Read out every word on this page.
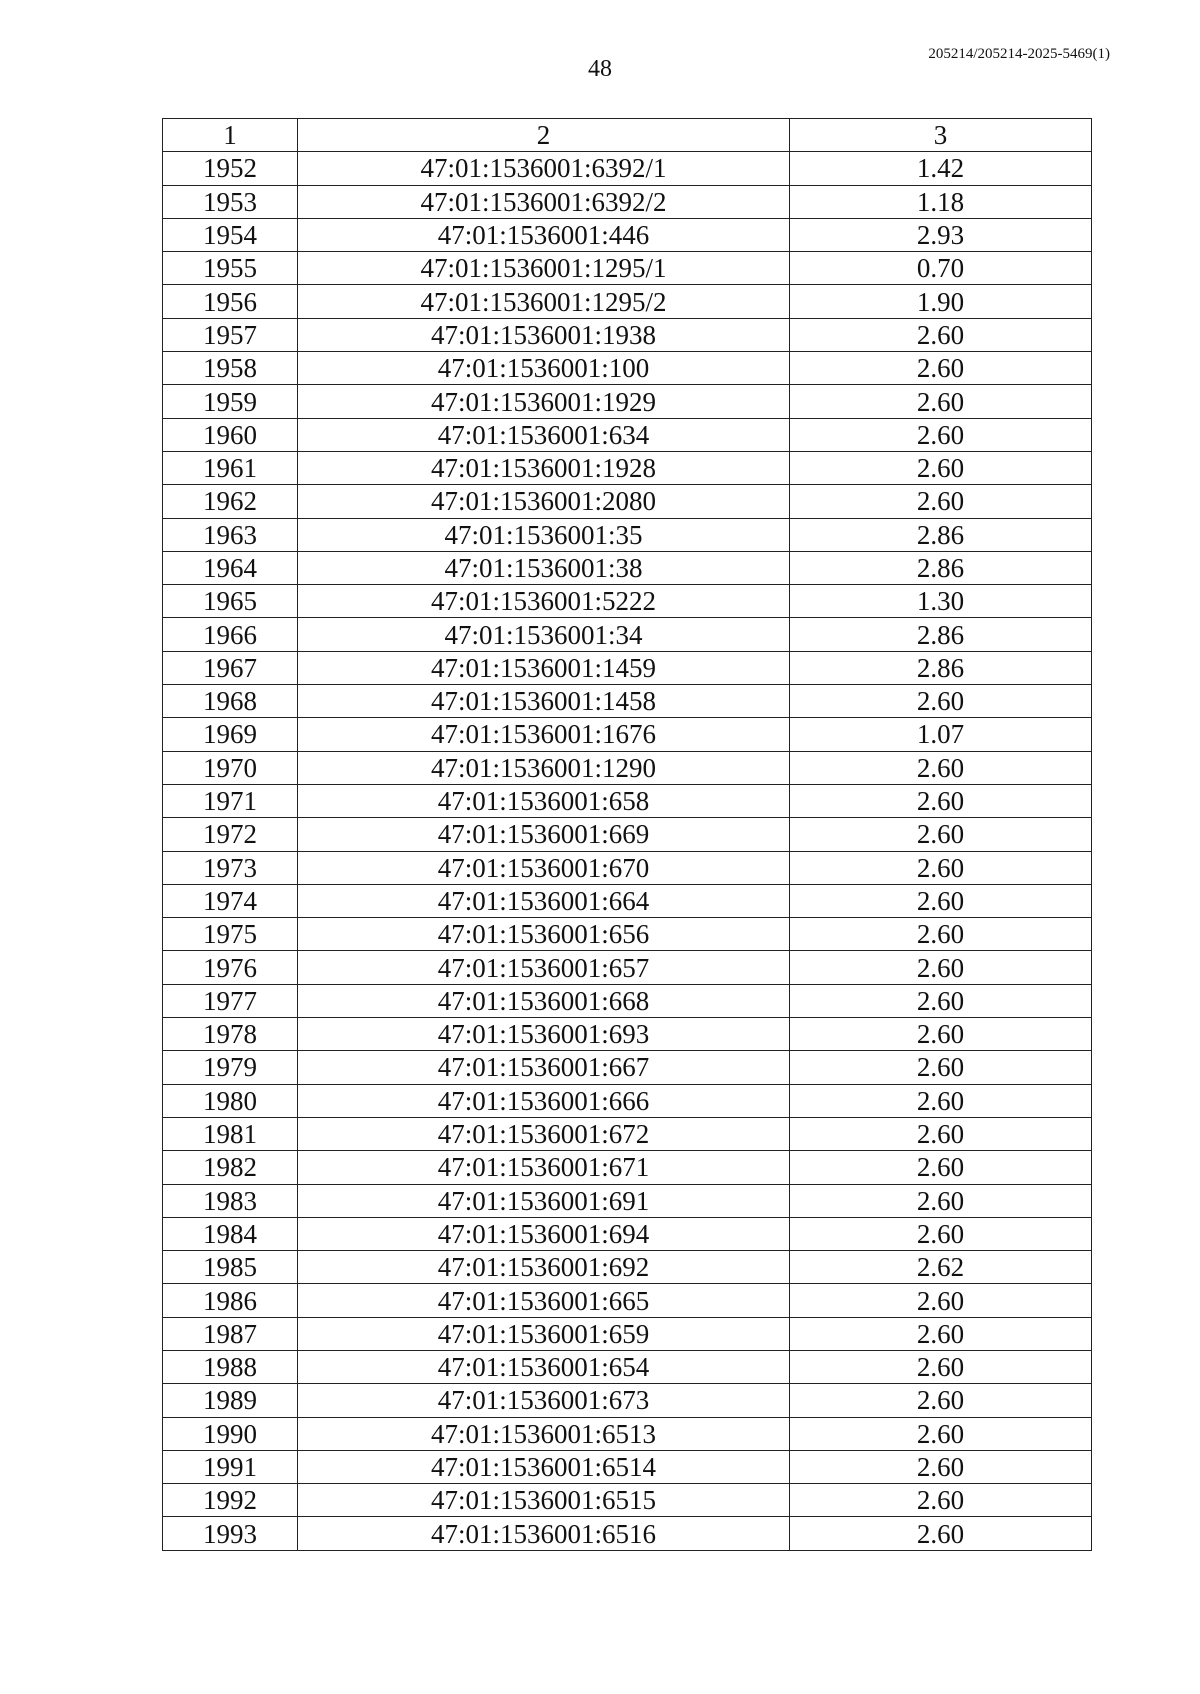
48
205214/205214-2025-5469(1)
1	2	3
1952	47:01:1536001:6392/1	1.42
1953	47:01:1536001:6392/2	1.18
1954	47:01:1536001:446	2.93
1955	47:01:1536001:1295/1	0.70
1956	47:01:1536001:1295/2	1.90
1957	47:01:1536001:1938	2.60
1958	47:01:1536001:100	2.60
1959	47:01:1536001:1929	2.60
1960	47:01:1536001:634	2.60
1961	47:01:1536001:1928	2.60
1962	47:01:1536001:2080	2.60
1963	47:01:1536001:35	2.86
1964	47:01:1536001:38	2.86
1965	47:01:1536001:5222	1.30
1966	47:01:1536001:34	2.86
1967	47:01:1536001:1459	2.86
1968	47:01:1536001:1458	2.60
1969	47:01:1536001:1676	1.07
1970	47:01:1536001:1290	2.60
1971	47:01:1536001:658	2.60
1972	47:01:1536001:669	2.60
1973	47:01:1536001:670	2.60
1974	47:01:1536001:664	2.60
1975	47:01:1536001:656	2.60
1976	47:01:1536001:657	2.60
1977	47:01:1536001:668	2.60
1978	47:01:1536001:693	2.60
1979	47:01:1536001:667	2.60
1980	47:01:1536001:666	2.60
1981	47:01:1536001:672	2.60
1982	47:01:1536001:671	2.60
1983	47:01:1536001:691	2.60
1984	47:01:1536001:694	2.60
1985	47:01:1536001:692	2.62
1986	47:01:1536001:665	2.60
1987	47:01:1536001:659	2.60
1988	47:01:1536001:654	2.60
1989	47:01:1536001:673	2.60
1990	47:01:1536001:6513	2.60
1991	47:01:1536001:6514	2.60
1992	47:01:1536001:6515	2.60
1993	47:01:1536001:6516	2.60
